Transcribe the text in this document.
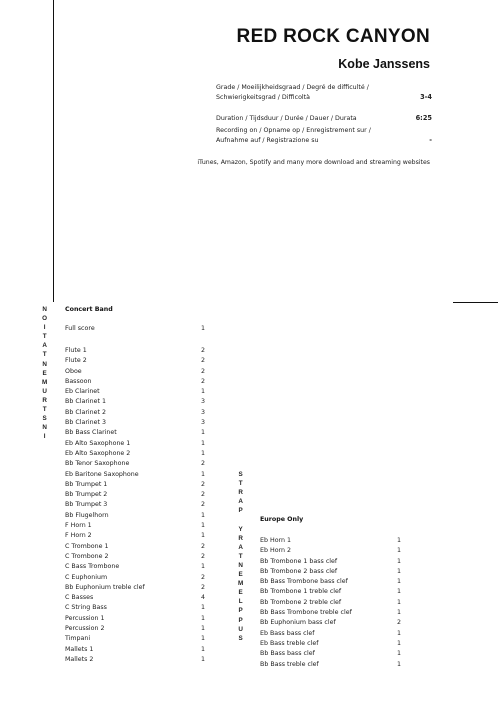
RED ROCK CANYON
Kobe Janssens
Grade / Moeilijkheidsgraad / Degré de difficulté /
Schwierigkeitsgrad / Difficoltà	3-4
Duration / Tijdsduur / Durée / Dauer / Durata	6:25
Recording on / Opname op / Enregistrement sur /
Aufnahme auf / Registrazione su	-
iTunes, Amazon, Spotify and many more download and streaming websites
N
O
I
T
A
T
N
E
M
U
R
T
S
N
I
S
T
R
A
P

Y
R
A
T
N
E
M
E
L
P
P
U
S
Concert Band
Full score	1
Flute 1	2
Flute 2	2
Oboe	2
Bassoon	2
Eb Clarinet	1
Bb Clarinet 1	3
Bb Clarinet 2	3
Bb Clarinet 3	3
Bb Bass Clarinet	1
Eb Alto Saxophone 1	1
Eb Alto Saxophone 2	1
Bb Tenor Saxophone	2
Eb Baritone Saxophone	1
Bb Trumpet 1	2
Bb Trumpet 2	2
Bb Trumpet 3	2
Bb Flugelhorn	1
F Horn 1	1
F Horn 2	1
C Trombone 1	2
C Trombone 2	2
C Bass Trombone	1
C Euphonium	2
Bb Euphonium treble clef	2
C Basses	4
C String Bass	1
Percussion 1	1
Percussion 2	1
Timpani	1
Mallets 1	1
Mallets 2	1
Europe Only
Eb Horn 1	1
Eb Horn 2	1
Bb Trombone 1 bass clef	1
Bb Trombone 2 bass clef	1
Bb Bass Trombone bass clef	1
Bb Trombone 1 treble clef	1
Bb Trombone 2 treble clef	1
Bb Bass Trombone treble clef	1
Bb Euphonium bass clef	2
Eb Bass bass clef	1
Eb Bass treble clef	1
Bb Bass bass clef	1
Bb Bass treble clef	1
